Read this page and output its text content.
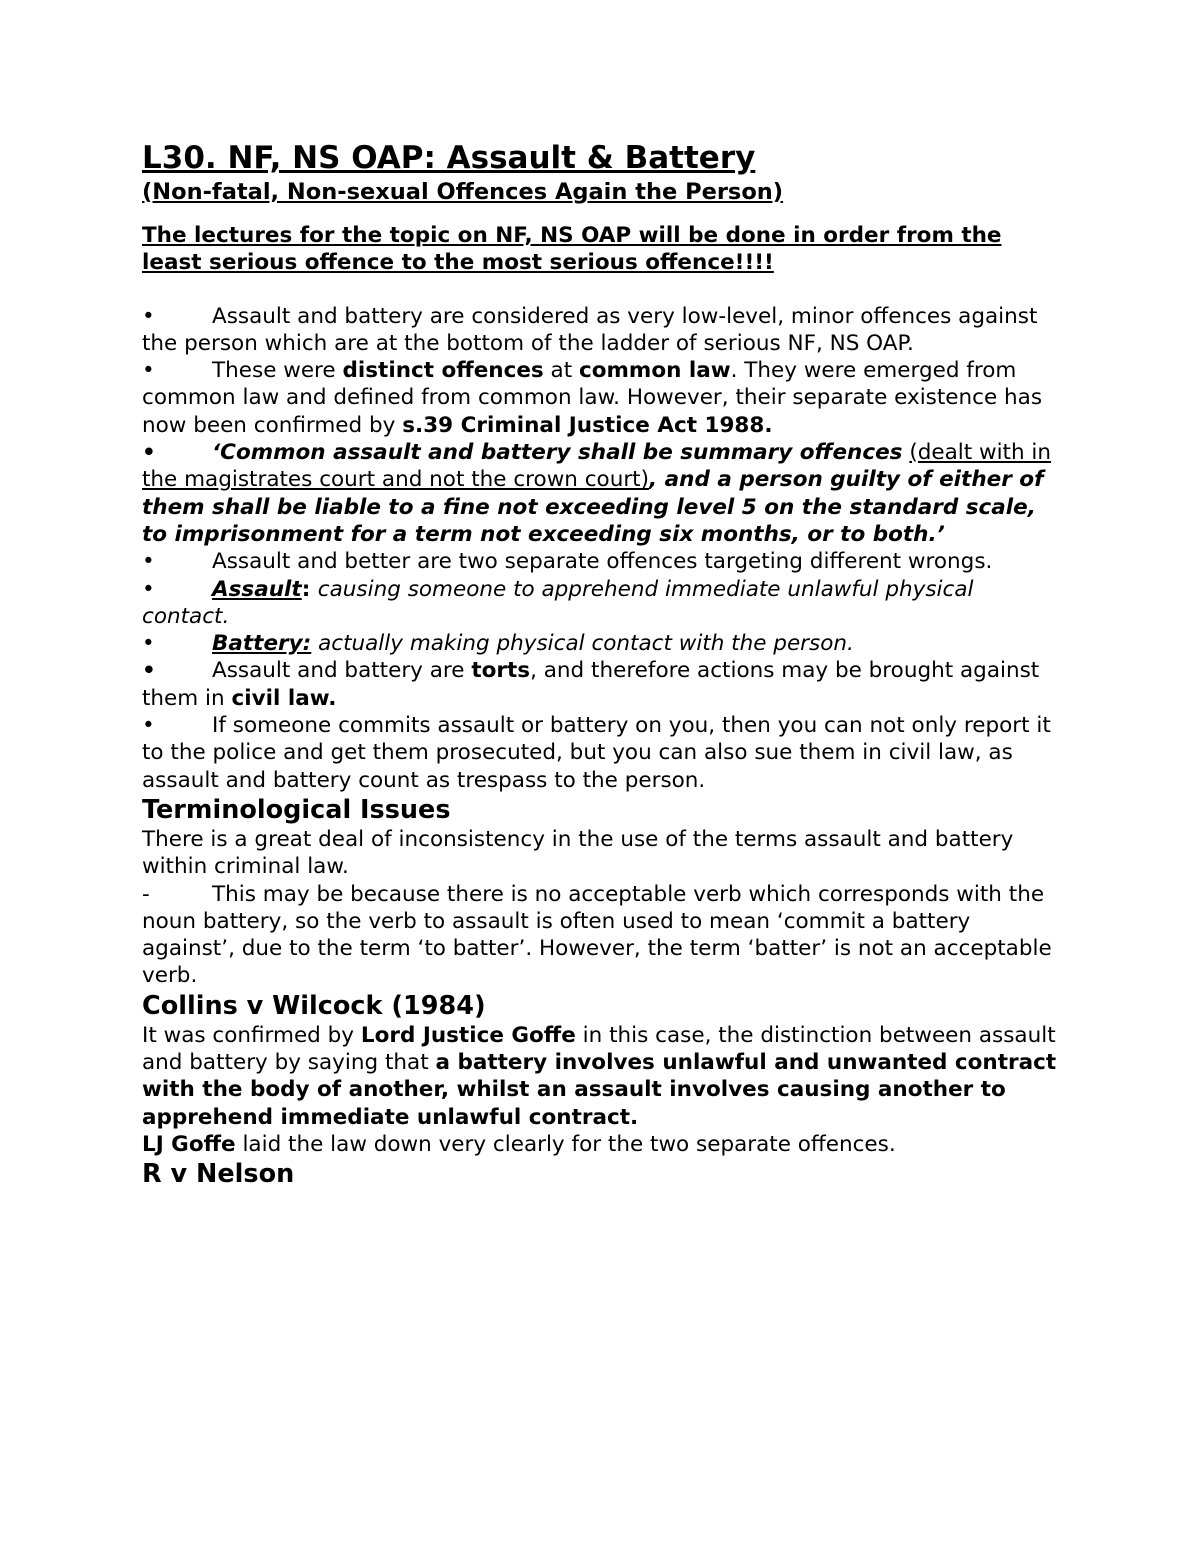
L30. NF, NS OAP: Assault & Battery
(Non-fatal, Non-sexual Offences Again the Person)
The lectures for the topic on NF, NS OAP will be done in order from the least serious offence to the most serious offence!!!!

•	Assault and battery are considered as very low-level, minor offences against the person which are at the bottom of the ladder of serious NF, NS OAP.

•	These were distinct offences at common law. They were emerged from common law and defined from common law. However, their separate existence has now been confirmed by s.39 Criminal Justice Act 1988.

•	‘Common assault and battery shall be summary offences (dealt with in the magistrates court and not the crown court), and a person guilty of either of them shall be liable to a fine not exceeding level 5 on the standard scale, to imprisonment for a term not exceeding six months, or to both.’

•	Assault and better are two separate offences targeting different wrongs.

•	Assault: causing someone to apprehend immediate unlawful physical contact.

•	Battery: actually making physical contact with the person.

•	Assault and battery are torts, and therefore actions may be brought against them in civil law.

•	If someone commits assault or battery on you, then you can not only report it to the police and get them prosecuted, but you can also sue them in civil law, as assault and battery count as trespass to the person.

Terminological Issues

There is a great deal of inconsistency in the use of the terms assault and battery within criminal law.

-	This may be because there is no acceptable verb which corresponds with the noun battery, so the verb to assault is often used to mean ‘commit a battery against’, due to the term ‘to batter’. However, the term ‘batter’ is not an acceptable verb.

Collins v Wilcock (1984)

It was confirmed by Lord Justice Goffe in this case, the distinction between assault and battery by saying that a battery involves unlawful and unwanted contract with the body of another, whilst an assault involves causing another to apprehend immediate unlawful contract.

LJ Goffe laid the law down very clearly for the two separate offences.

R v Nelson
